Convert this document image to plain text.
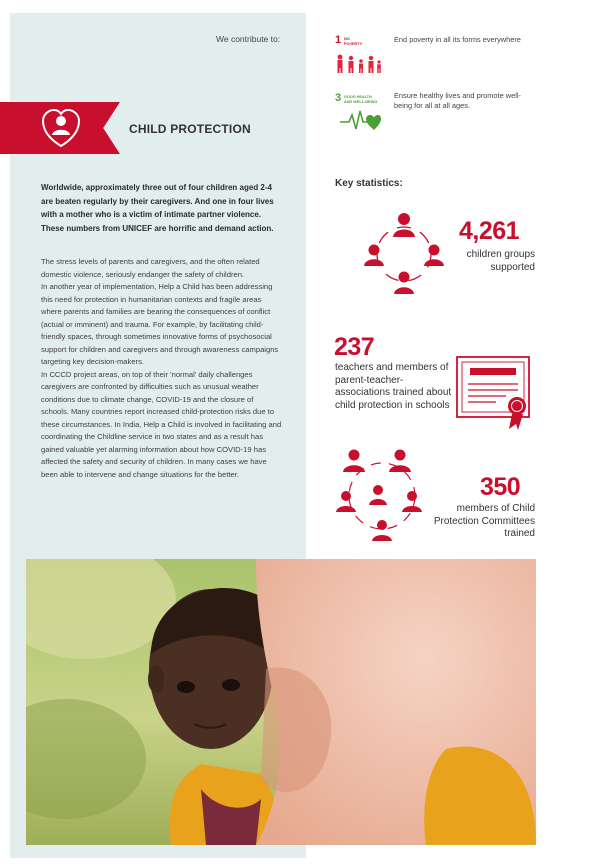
We contribute to:
CHILD PROTECTION
1 NO
POVERTY	End poverty in all its forms everywhere
3 GOOD HEALTH
AND WELL-BEING
Ensure healthy lives and promote well-being for all at all ages.
Worldwide, approximately three out of four children aged 2-4 are beaten regularly by their caregivers. And one in four lives with a mother who is a victim of intimate partner violence. These numbers from UNICEF are horrific and demand action.

The stress levels of parents and caregivers, and the often related domestic violence, seriously endanger the safety of children.

In another year of implementation, Help a Child has been addressing this need for protection in humanitarian contexts and fragile areas where parents and families are bearing the consequences of conflict (actual or imminent) and trauma. For example, by facilitating child-friendly spaces, through sometimes innovative forms of psychosocial support for children and caregivers and through awareness campaigns targeting key decision-makers.

In CCCD project areas, on top of their 'normal' daily challenges caregivers are confronted by difficulties such as unusual weather conditions due to climate change, COVID-19 and the closure of schools. Many countries report increased child-protection risks due to these circumstances. In India, Help a Child is involved in facilitating and coordinating the Childline service in two states and as a result has gained valuable yet alarming information about how COVID-19 has affected the safety and security of children. In many cases we have been able to intervene and change situations for the better.

Key statistics:
4,261
children groups supported
237
teachers and members of parent-teacher-associations trained about child protection in schools
350
members of Child Protection Committees trained
